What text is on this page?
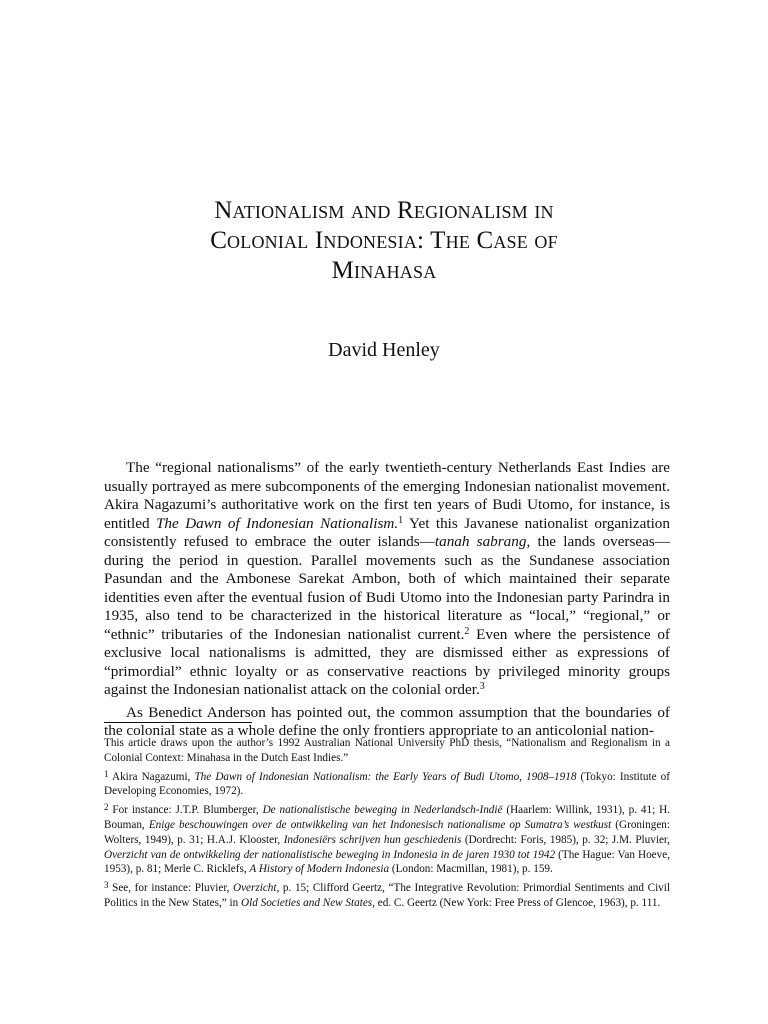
Nationalism and Regionalism in
Colonial Indonesia: The Case of
Minahasa
David Henley

The “regional nationalisms” of the early twentieth-century Netherlands East Indies are usually portrayed as mere subcomponents of the emerging Indonesian nationalist movement. Akira Nagazumi’s authoritative work on the first ten years of Budi Utomo, for instance, is entitled The Dawn of Indonesian Nationalism.$^1$ Yet this Javanese nationalist organization consistently refused to embrace the outer islands—tanah sabrang, the lands overseas—during the period in question. Parallel movements such as the Sundanese association Pasundan and the Ambonese Sarekat Ambon, both of which maintained their separate identities even after the eventual fusion of Budi Utomo into the Indonesian party Parindra in 1935, also tend to be characterized in the historical literature as “local,” “regional,” or “ethnic” tributaries of the Indonesian nationalist current.$^2$ Even where the persistence of exclusive local nationalisms is admitted, they are dismissed either as expressions of “primordial” ethnic loyalty or as conservative reactions by privileged minority groups against the Indonesian nationalist attack on the colonial order.$^3$

As Benedict Anderson has pointed out, the common assumption that the boundaries of the colonial state as a whole define the only frontiers appropriate to an anticolonial nation-

This article draws upon the author’s 1992 Australian National University PhD thesis, “Nationalism and Regionalism in a Colonial Context: Minahasa in the Dutch East Indies.”

$^1$ Akira Nagazumi, The Dawn of Indonesian Nationalism: the Early Years of Budi Utomo, 1908–1918 (Tokyo: Institute of Developing Economies, 1972).

$^2$ For instance: J.T.P. Blumberger, De nationalistische beweging in Nederlandsch-Indië (Haarlem: Willink, 1931), p. 41; H. Bouman, Enige beschouwingen over de ontwikkeling van het Indonesisch nationalisme op Sumatra’s westkust (Groningen: Wolters, 1949), p. 31; H.A.J. Klooster, Indonesiërs schrijven hun geschiedenis (Dordrecht: Foris, 1985), p. 32; J.M. Pluvier, Overzicht van de ontwikkeling der nationalistische beweging in Indonesia in de jaren 1930 tot 1942 (The Hague: Van Hoeve, 1953), p. 81; Merle C. Ricklefs, A History of Modern Indonesia (London: Macmillan, 1981), p. 159.

$^3$ See, for instance: Pluvier, Overzicht, p. 15; Clifford Geertz, “The Integrative Revolution: Primordial Sentiments and Civil Politics in the New States,” in Old Societies and New States, ed. C. Geertz (New York: Free Press of Glencoe, 1963), p. 111.
